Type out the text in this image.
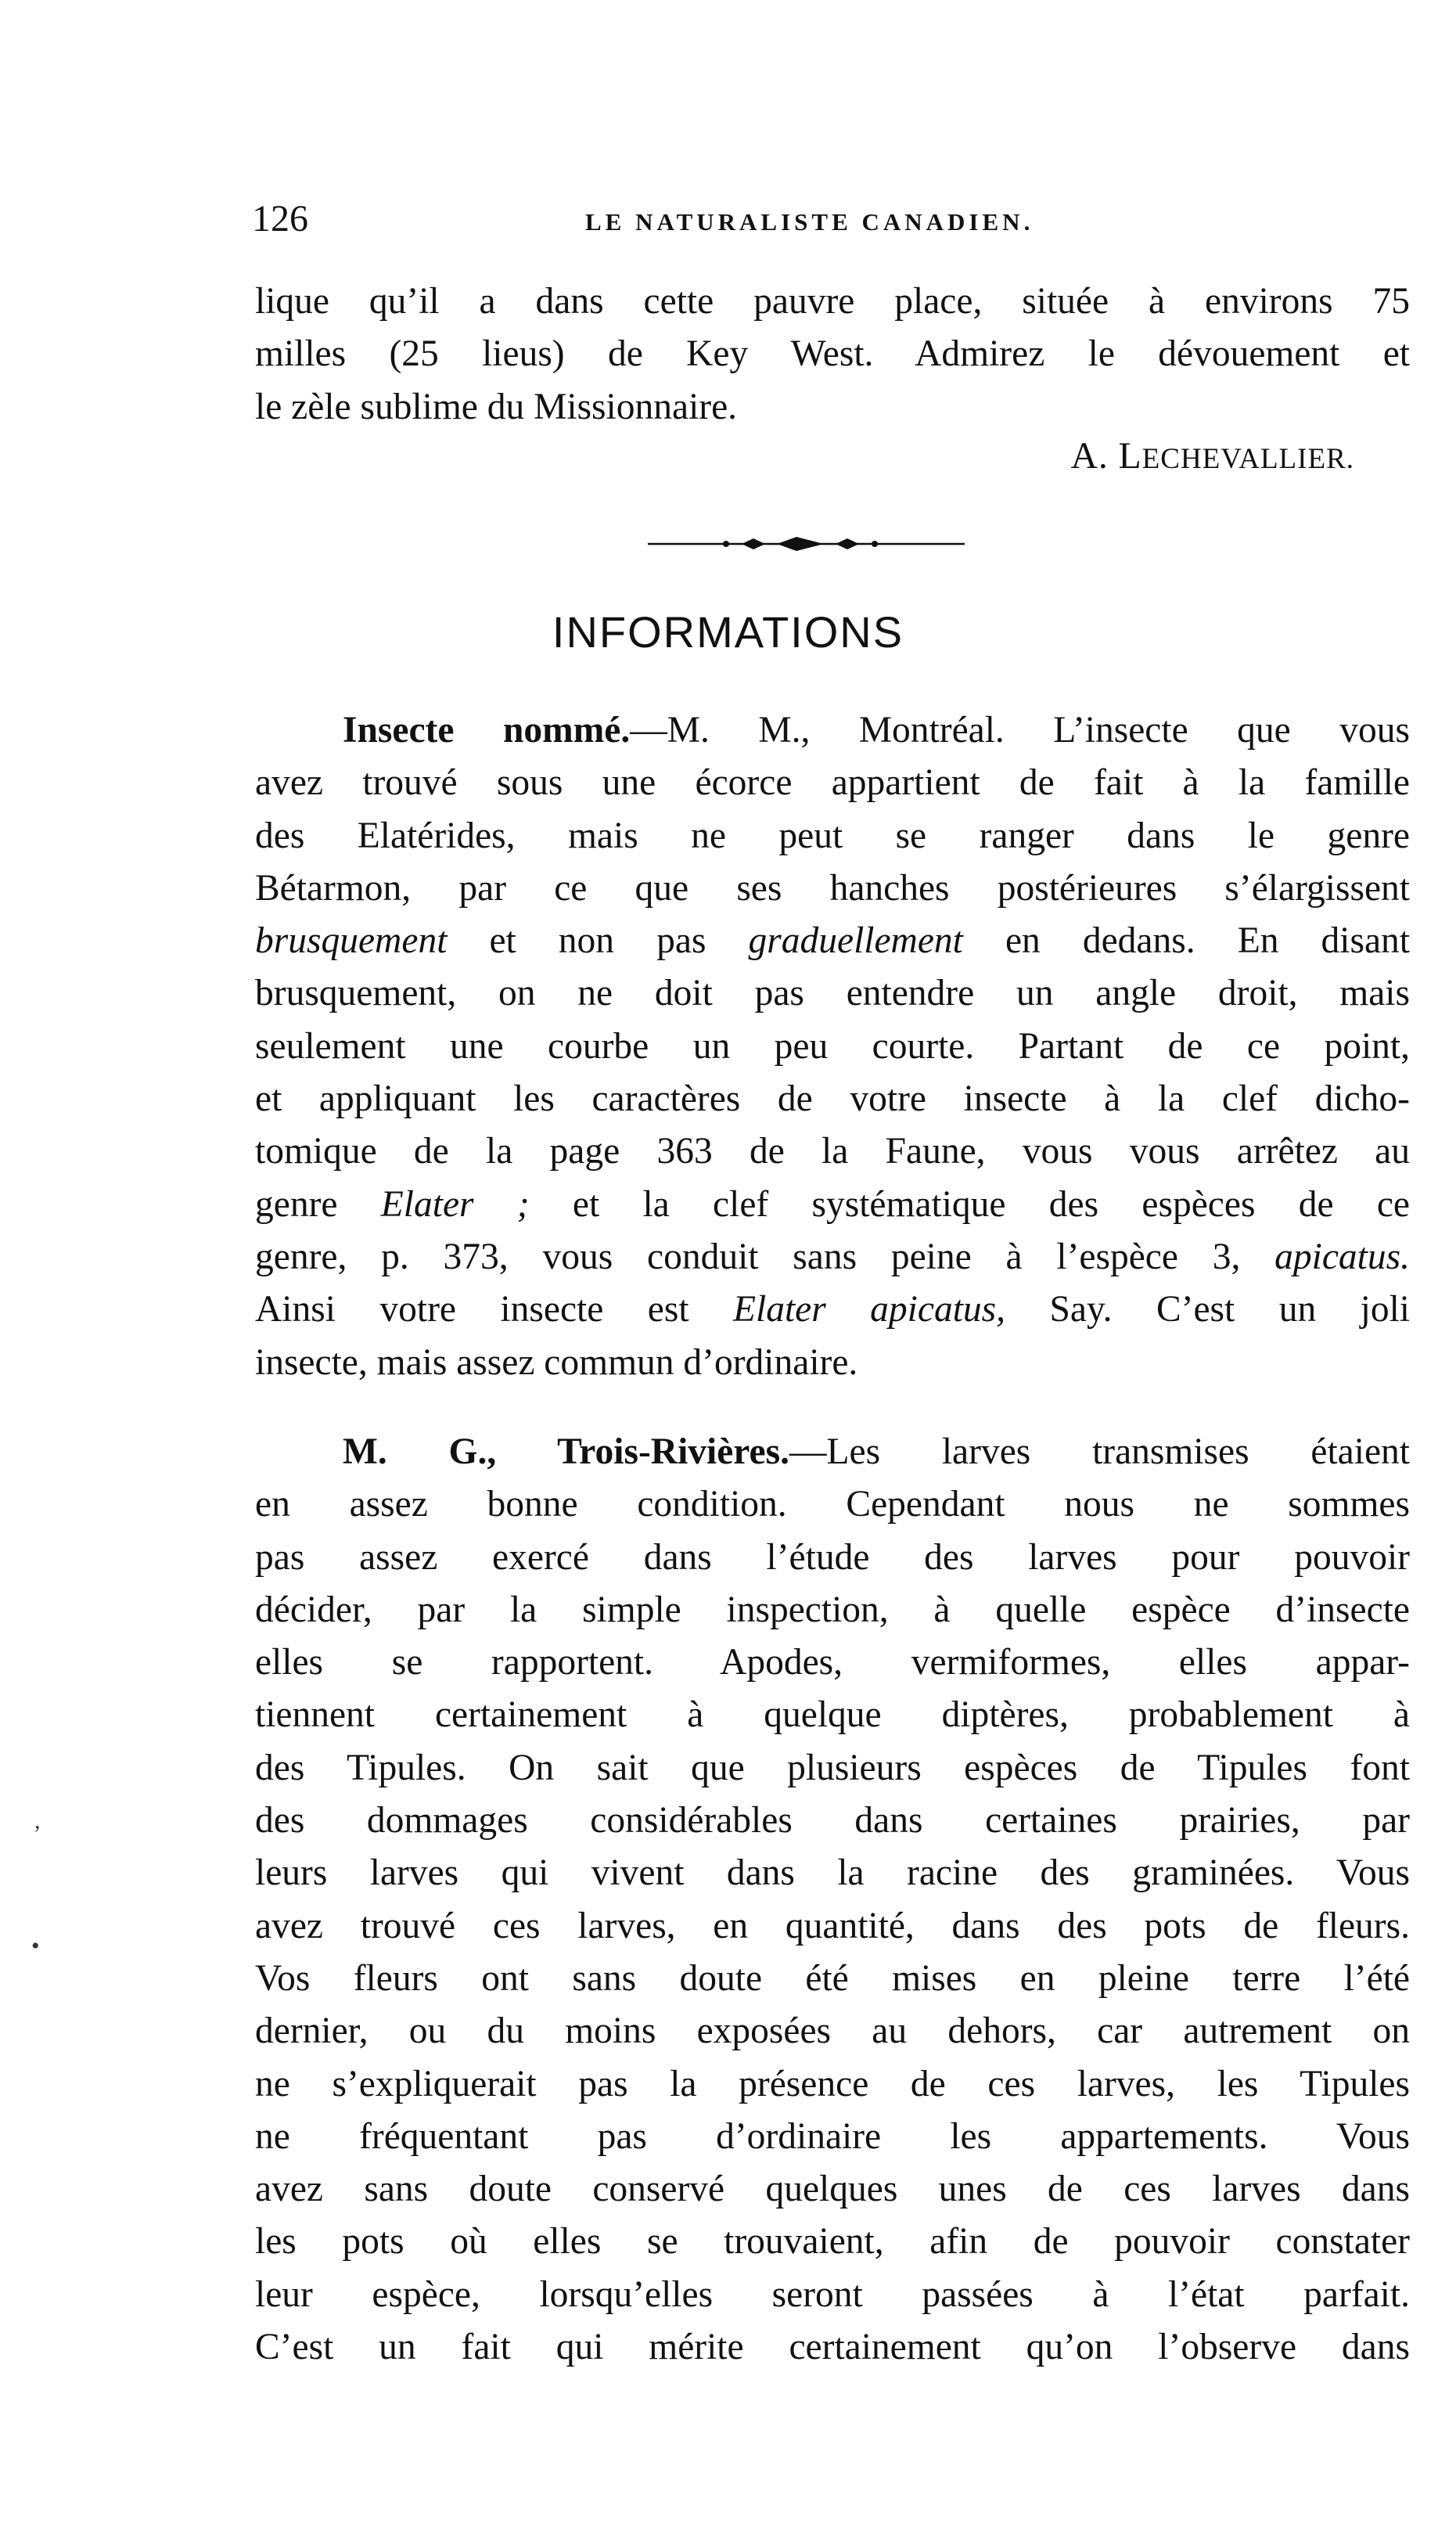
126	LE NATURALISTE CANADIEN.
lique qu’il a dans cette pauvre place, située à environs 75
milles (25 lieus) de Key West. Admirez le dévouement et
le zèle sublime du Missionnaire.
A. LECHEVALLIER.
INFORMATIONS
Insecte nommé.—M. M., Montréal. L’insecte que vous
avez trouvé sous une écorce appartient de fait à la famille
des Elatérides, mais ne peut se ranger dans le genre
Bétarmon, par ce que ses hanches postérieures s’élargissent
brusquement et non pas graduellement en dedans. En disant
brusquement, on ne doit pas entendre un angle droit, mais
seulement une courbe un peu courte. Partant de ce point,
et appliquant les caractères de votre insecte à la clef dicho-
tomique de la page 363 de la Faune, vous vous arrêtez au
genre Elater ; et la clef systématique des espèces de ce
genre, p. 373, vous conduit sans peine à l’espèce 3, apicatus.
Ainsi votre insecte est Elater apicatus, Say. C’est un joli
insecte, mais assez commun d’ordinaire.
M. G., Trois-Rivières.—Les larves transmises étaient
en assez bonne condition. Cependant nous ne sommes
pas assez exercé dans l’étude des larves pour pouvoir
décider, par la simple inspection, à quelle espèce d’insecte
elles se rapportent. Apodes, vermiformes, elles appar-
tiennent certainement à quelque diptères, probablement à
des Tipules. On sait que plusieurs espèces de Tipules font
des dommages considérables dans certaines prairies, par
leurs larves qui vivent dans la racine des graminées. Vous
avez trouvé ces larves, en quantité, dans des pots de fleurs.
Vos fleurs ont sans doute été mises en pleine terre l’été
dernier, ou du moins exposées au dehors, car autrement on
ne s’expliquerait pas la présence de ces larves, les Tipules
ne fréquentant pas d’ordinaire les appartements. Vous
avez sans doute conservé quelques unes de ces larves dans
les pots où elles se trouvaient, afin de pouvoir constater
leur espèce, lorsqu’elles seront passées à l’état parfait.
C’est un fait qui mérite certainement qu’on l’observe dans
,
•
